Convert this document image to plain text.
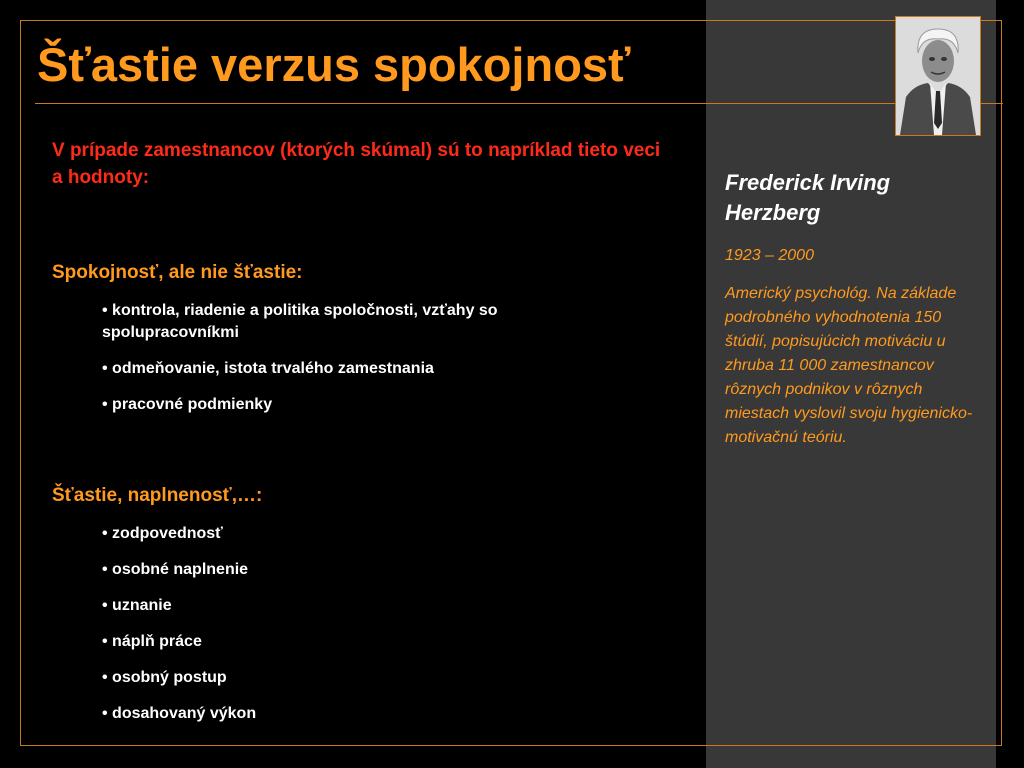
Šťastie verzus spokojnosť

V prípade zamestnancov (ktorých skúmal) sú to napríklad tieto veci a hodnoty:

Spokojnosť, ale nie šťastie:
• kontrola, riadenie a politika spoločnosti, vzťahy so spolupracovníkmi
• odmeňovanie, istota trvalého zamestnania
• pracovné podmienky
Šťastie, naplnenosť,…:
• zodpovednosť
• osobné naplnenie
• uznanie
• náplň práce
• osobný postup
• dosahovaný výkon

Frederick Irving Herzberg

1923 – 2000

Americký psychológ. Na základe podrobného vyhodnotenia 150 štúdií, popisujúcich motiváciu u zhruba 11 000 zamestnancov rôznych podnikov v rôznych miestach vyslovil svoju hygienicko-motivačnú teóriu.
